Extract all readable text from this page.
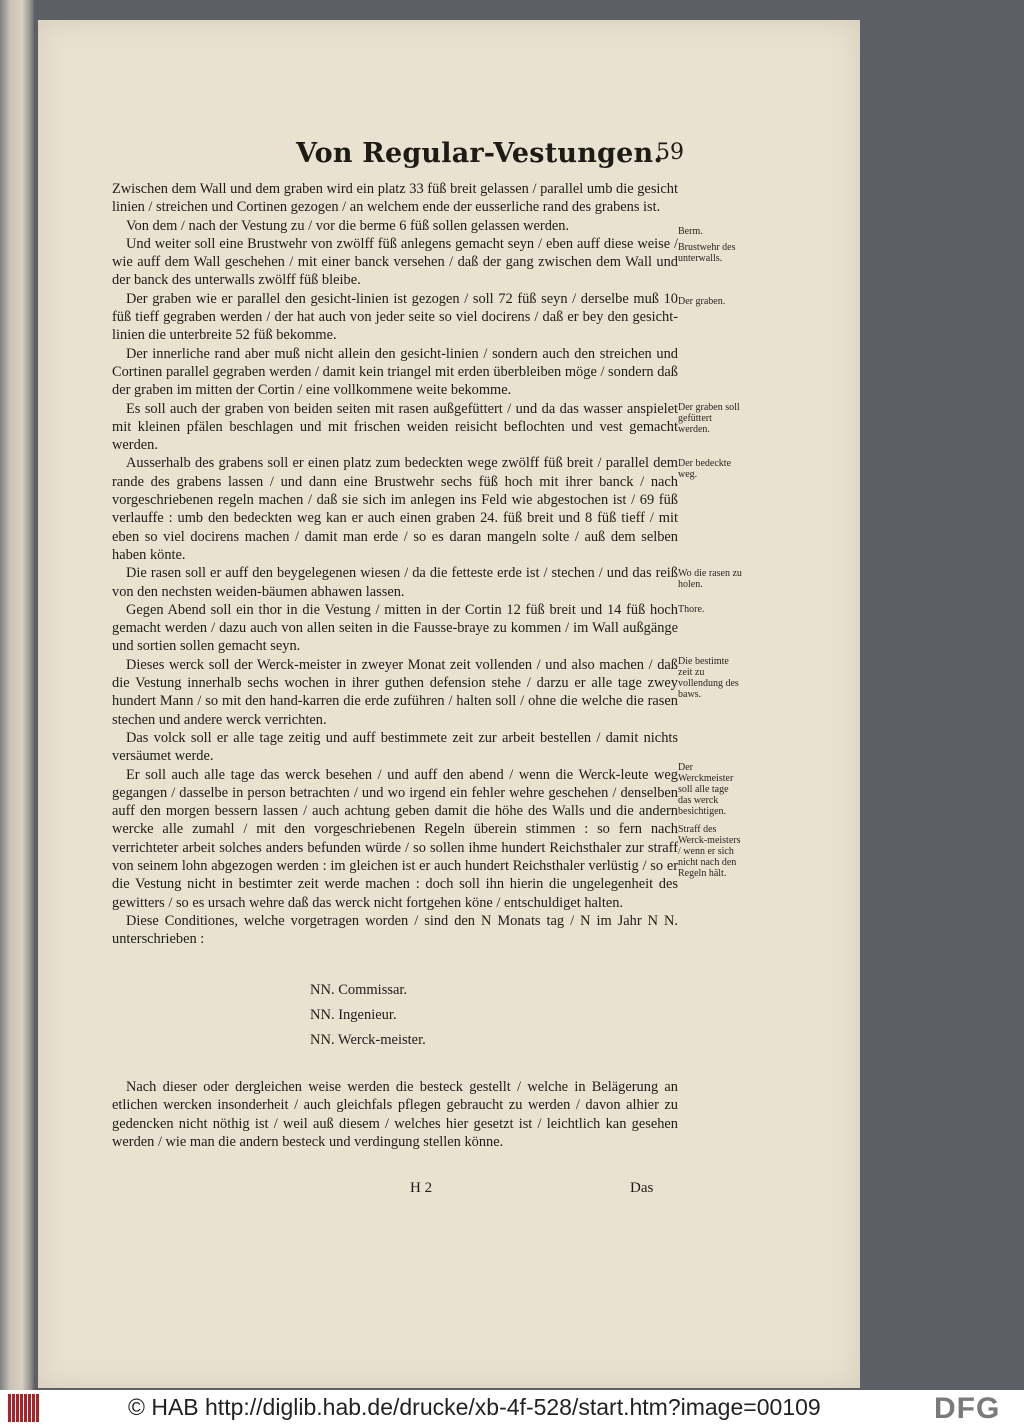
Von Regular-Vestungen.
59

Zwischen dem Wall und dem graben wird ein platz 33 füß breit gelassen / parallel umb die gesicht linien / streichen und Cortinen gezogen / an welchem ende der eusserliche rand des grabens ist.

Von dem / nach der Vestung zu / vor die berme 6 füß sollen gelassen werden.

Und weiter soll eine Brustwehr von zwölff füß anlegens gemacht seyn / eben auff diese weise / wie auff dem Wall geschehen / mit einer banck versehen / daß der gang zwischen dem Wall und der banck des unterwalls zwölff füß bleibe.

Der graben wie er parallel den gesicht-linien ist gezogen / soll 72 füß seyn / derselbe muß 10 füß tieff gegraben werden / der hat auch von jeder seite so viel docirens / daß er bey den gesicht-linien die unterbreite 52 füß bekomme.

Der innerliche rand aber muß nicht allein den gesicht-linien / sondern auch den streichen und Cortinen parallel gegraben werden / damit kein triangel mit erden überbleiben möge / sondern daß der graben im mitten der Cortin / eine vollkommene weite bekomme.

Es soll auch der graben von beiden seiten mit rasen außgefüttert / und da das wasser anspielet mit kleinen pfälen beschlagen und mit frischen weiden reisicht beflochten und vest gemacht werden.

Ausserhalb des grabens soll er einen platz zum bedeckten wege zwölff füß breit / parallel dem rande des grabens lassen / und dann eine Brustwehr sechs füß hoch mit ihrer banck / nach vorgeschriebenen regeln machen / daß sie sich im anlegen ins Feld wie abgestochen ist / 69 füß verlauffe : umb den bedeckten weg kan er auch einen graben 24. füß breit und 8 füß tieff / mit eben so viel docirens machen / damit man erde / so es daran mangeln solte / auß dem selben haben könte.

Die rasen soll er auff den beygelegenen wiesen / da die fetteste erde ist / stechen / und das reiß von den nechsten weiden-bäumen abhawen lassen.

Gegen Abend soll ein thor in die Vestung / mitten in der Cortin 12 füß breit und 14 füß hoch gemacht werden / dazu auch von allen seiten in die Fausse-braye zu kommen / im Wall außgänge und sortien sollen gemacht seyn.

Dieses werck soll der Werck-meister in zweyer Monat zeit vollenden / und also machen / daß die Vestung innerhalb sechs wochen in ihrer guthen defension stehe / darzu er alle tage zwey hundert Mann / so mit den hand-karren die erde zuführen / halten soll / ohne die welche die rasen stechen und andere werck verrichten.

Das volck soll er alle tage zeitig und auff bestimmete zeit zur arbeit bestellen / damit nichts versäumet werde.

Er soll auch alle tage das werck besehen / und auff den abend / wenn die Werck-leute weg gegangen / dasselbe in person betrachten / und wo irgend ein fehler wehre geschehen / denselben auff den morgen bessern lassen / auch achtung geben damit die höhe des Walls und die andern wercke alle zumahl / mit den vorgeschriebenen Regeln überein stimmen : so fern nach verrichteter arbeit solches anders befunden würde / so sollen ihme hundert Reichsthaler zur straff von seinem lohn abgezogen werden : im gleichen ist er auch hundert Reichsthaler verlüstig / so er die Vestung nicht in bestimter zeit werde machen : doch soll ihn hierin die ungelegenheit des gewitters / so es ursach wehre daß das werck nicht fortgehen köne / entschuldiget halten.

Diese Conditiones, welche vorgetragen worden / sind den N Monats tag / N im Jahr N N. unterschrieben :

Berm.
Brustwehr des unterwalls.
Der graben.
Der graben soll gefüttert werden.
Der bedeckte weg.
Wo die rasen zu holen.
Thore.
Die bestimte zeit zu vollendung des baws.
Der Werckmeister soll alle tage das werck besichtigen.
Straff des Werck-meisters / wenn er sich nicht nach den Regeln hält.
NN. Commissar.
NN. Ingenieur.
NN. Werck-meister.

Nach dieser oder dergleichen weise werden die besteck gestellt / welche in Belägerung an etlichen wercken insonderheit / auch gleichfals pflegen gebraucht zu werden / davon alhier zu gedencken nicht nöthig ist / weil auß diesem / welches hier gesetzt ist / leichtlich kan gesehen werden / wie man die andern besteck und verdingung stellen könne.

H 2	Das
© HAB http://diglib.hab.de/drucke/xb-4f-528/start.htm?image=00109	DFG
